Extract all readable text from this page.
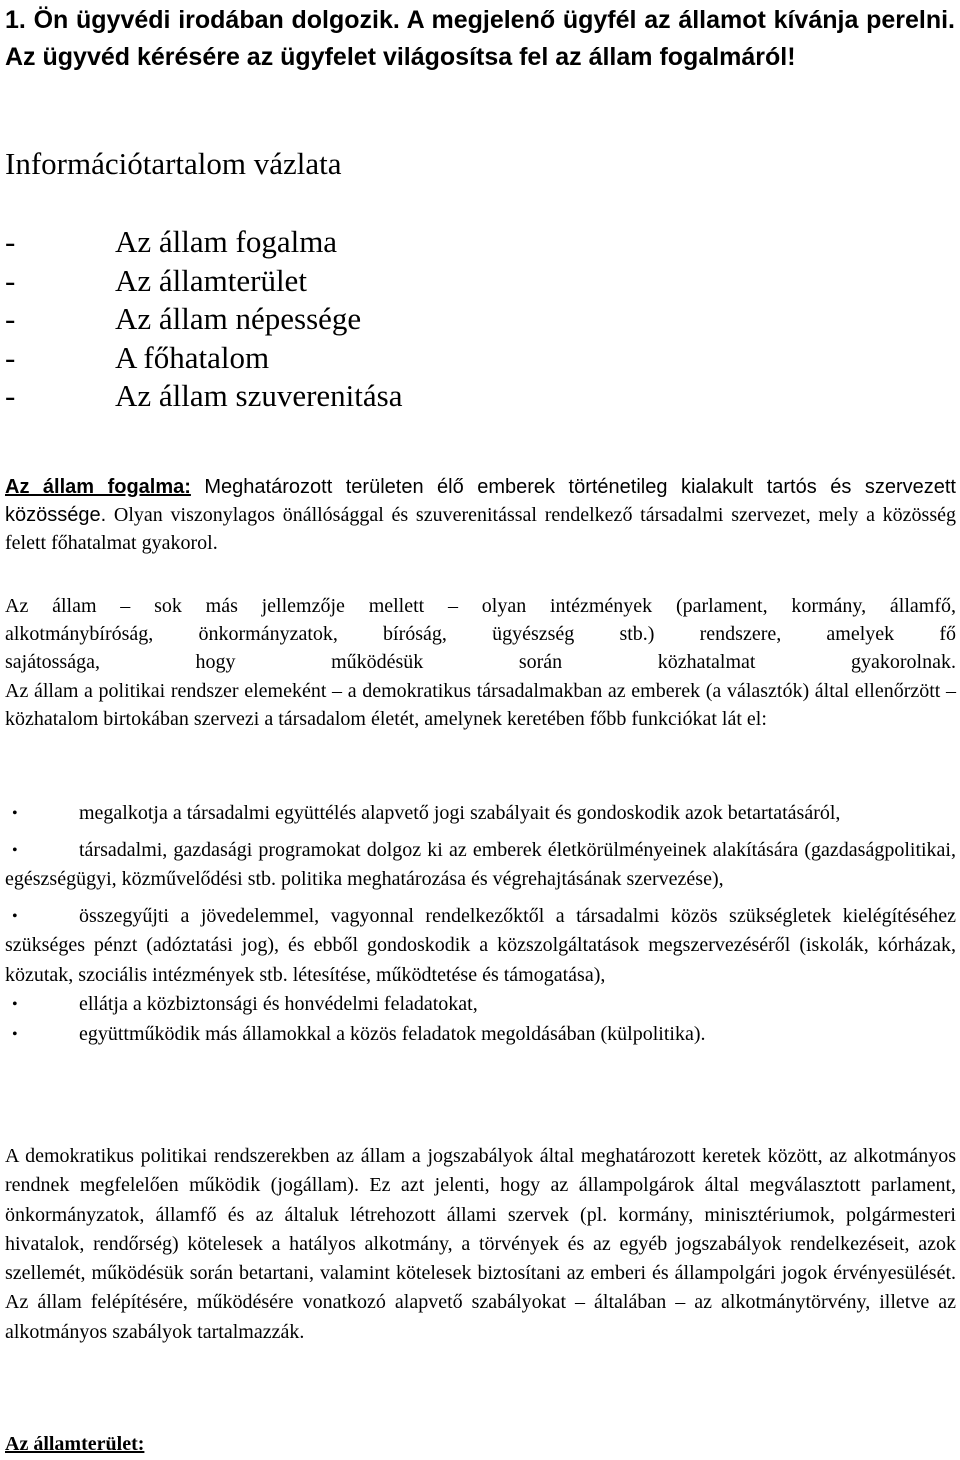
1. Ön ügyvédi irodában dolgozik. A megjelenő ügyfél az államot kívánja perelni. Az ügyvéd kérésére az ügyfelet világosítsa fel az állam fogalmáról!
Információtartalom vázlata
-	Az állam fogalma
-	Az államterület
-	Az állam népessége
-	A főhatalom
-	Az állam szuverenitása

Az állam fogalma: Meghatározott területen élő emberek történetileg kialakult tartós és szervezett közössége. Olyan viszonylagos önállósággal és szuverenitással rendelkező társadalmi szervezet, mely a közösség felett főhatalmat gyakorol.

Az állam – sok más jellemzője mellett – olyan intézmények (parlament, kormány, államfő,
alkotmánybíróság, önkormányzatok, bíróság, ügyészség stb.) rendszere, amelyek fő
sajátossága, hogy működésük során közhatalmat gyakorolnak.
Az állam a politikai rendszer elemeként – a demokratikus társadalmakban az emberek (a választók) által ellenőrzött – közhatalom birtokában szervezi a társadalom életét, amelynek keretében főbb funkciókat lát el:

•	megalkotja a társadalmi együttélés alapvető jogi szabályait és gondoskodik azok betartatásáról,
•	társadalmi, gazdasági programokat dolgoz ki az emberek életkörülményeinek alakítására (gazdaságpolitikai, egészségügyi, közművelődési stb. politika meghatározása és végrehajtásának szervezése),
•	összegyűjti a jövedelemmel, vagyonnal rendelkezőktől a társadalmi közös szükségletek kielégítéséhez szükséges pénzt (adóztatási jog), és ebből gondoskodik a közszolgáltatások megszervezéséről (iskolák, kórházak, közutak, szociális intézmények stb. létesítése, működtetése és támogatása),
•	ellátja a közbiztonsági és honvédelmi feladatokat,
•	együttműködik más államokkal a közös feladatok megoldásában (külpolitika).

A demokratikus politikai rendszerekben az állam a jogszabályok által meghatározott keretek között, az alkotmányos rendnek megfelelően működik (jogállam). Ez azt jelenti, hogy az állampolgárok által megválasztott parlament, önkormányzatok, államfő és az általuk létrehozott állami szervek (pl. kormány, minisztériumok, polgármesteri hivatalok, rendőrség) kötelesek a hatályos alkotmány, a törvények és az egyéb jogszabályok rendelkezéseit, azok szellemét, működésük során betartani, valamint kötelesek biztosítani az emberi és állampolgári jogok érvényesülését. Az állam felépítésére, működésére vonatkozó alapvető szabályokat – általában – az alkotmánytörvény, illetve az alkotmányos szabályok tartalmazzák.

Az államterület:
